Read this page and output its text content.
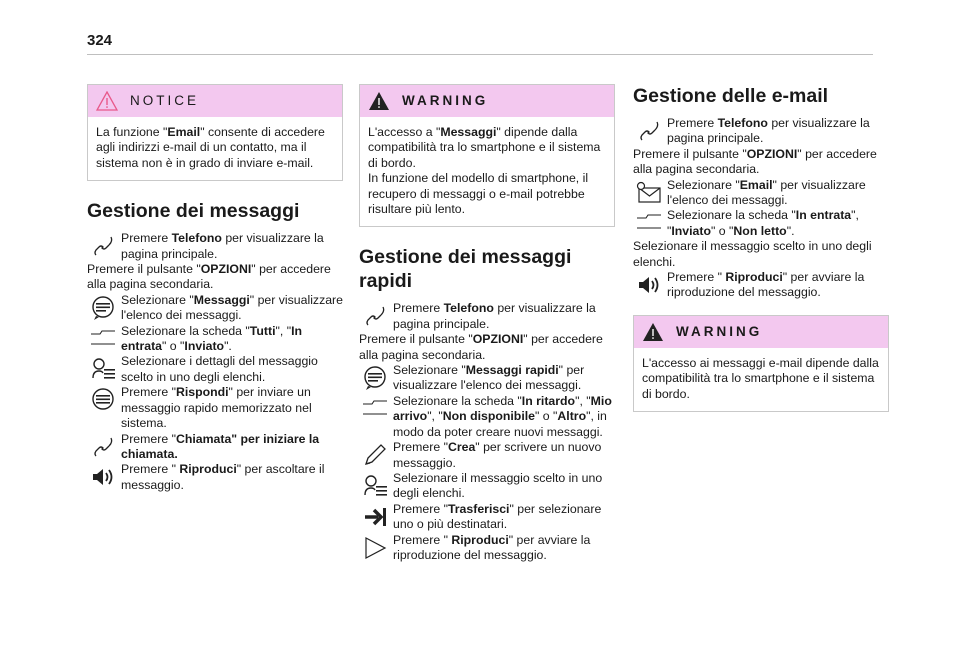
324
NOTICE

La funzione "Email" consente di accedere agli indirizzi e-mail di un contatto, ma il sistema non è in grado di inviare e-mail.

Gestione dei messaggi

Premere Telefono per visualizzare la pagina principale.

Premere il pulsante "OPZIONI" per accedere alla pagina secondaria.

Selezionare "Messaggi" per visualizzare l'elenco dei messaggi.

Selezionare la scheda "Tutti", "In entrata" o "Inviato".

Selezionare i dettagli del messaggio scelto in uno degli elenchi.

Premere "Rispondi" per inviare un messaggio rapido memorizzato nel sistema.

Premere "Chiamata" per iniziare la chiamata.

Premere " Riproduci" per ascoltare il messaggio.

WARNING

L'accesso a "Messaggi" dipende dalla compatibilità tra lo smartphone e il sistema di bordo.

In funzione del modello di smartphone, il recupero di messaggi o e-mail potrebbe risultare più lento.

Gestione dei messaggi rapidi

Premere Telefono per visualizzare la pagina principale.

Premere il pulsante "OPZIONI" per accedere alla pagina secondaria.

Selezionare "Messaggi rapidi" per visualizzare l'elenco dei messaggi.

Selezionare la scheda "In ritardo", "Mio arrivo", "Non disponibile" o "Altro", in modo da poter creare nuovi messaggi.

Premere "Crea" per scrivere un nuovo messaggio.

Selezionare il messaggio scelto in uno degli elenchi.

Premere "Trasferisci" per selezionare uno o più destinatari.

Premere " Riproduci" per avviare la riproduzione del messaggio.

Gestione delle e-mail

Premere Telefono per visualizzare la pagina principale.

Premere il pulsante "OPZIONI" per accedere alla pagina secondaria.

Selezionare "Email" per visualizzare l'elenco dei messaggi.

Selezionare la scheda "In entrata", "Inviato" o "Non letto".

Selezionare il messaggio scelto in uno degli elenchi.

Premere " Riproduci" per avviare la riproduzione del messaggio.

WARNING

L'accesso ai messaggi e-mail dipende dalla compatibilità tra lo smartphone e il sistema di bordo.
